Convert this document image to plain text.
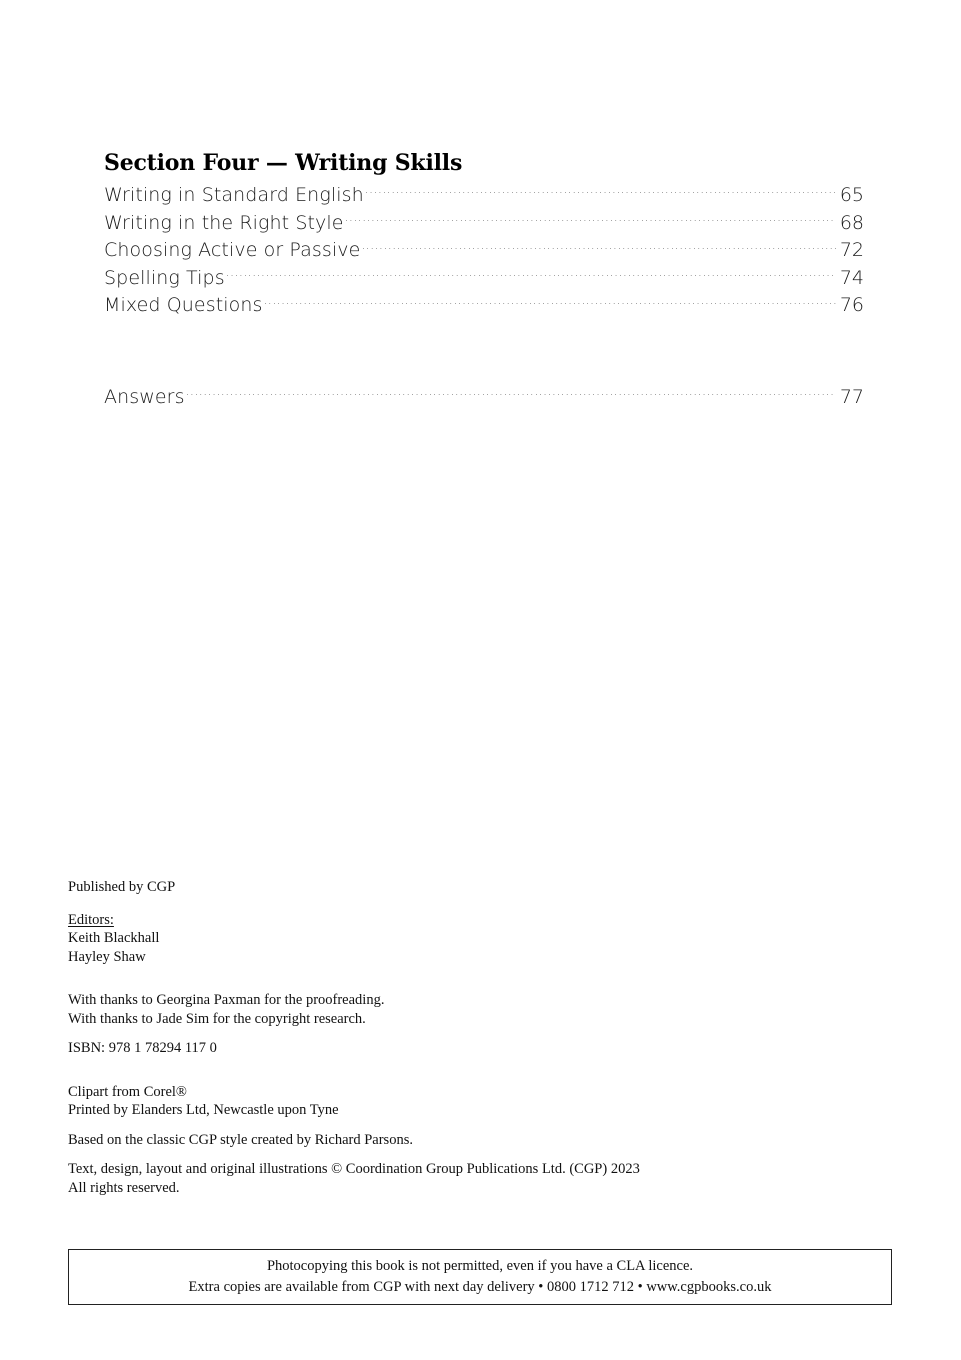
Section Four — Writing Skills
Writing in Standard English .....	65
Writing in the Right Style .....	68
Choosing Active or Passive .....	72
Spelling Tips .....	74
Mixed Questions .....	76
Answers .....	77

Published by CGP

Editors:

Keith Blackhall

Hayley Shaw

With thanks to Georgina Paxman for the proofreading.

With thanks to Jade Sim for the copyright research.

ISBN: 978 1 78294 117 0

Clipart from Corel®

Printed by Elanders Ltd, Newcastle upon Tyne

Based on the classic CGP style created by Richard Parsons.

Text, design, layout and original illustrations © Coordination Group Publications Ltd. (CGP) 2023

All rights reserved.

Photocopying this book is not permitted, even if you have a CLA licence.
Extra copies are available from CGP with next day delivery • 0800 1712 712 • www.cgpbooks.co.uk
